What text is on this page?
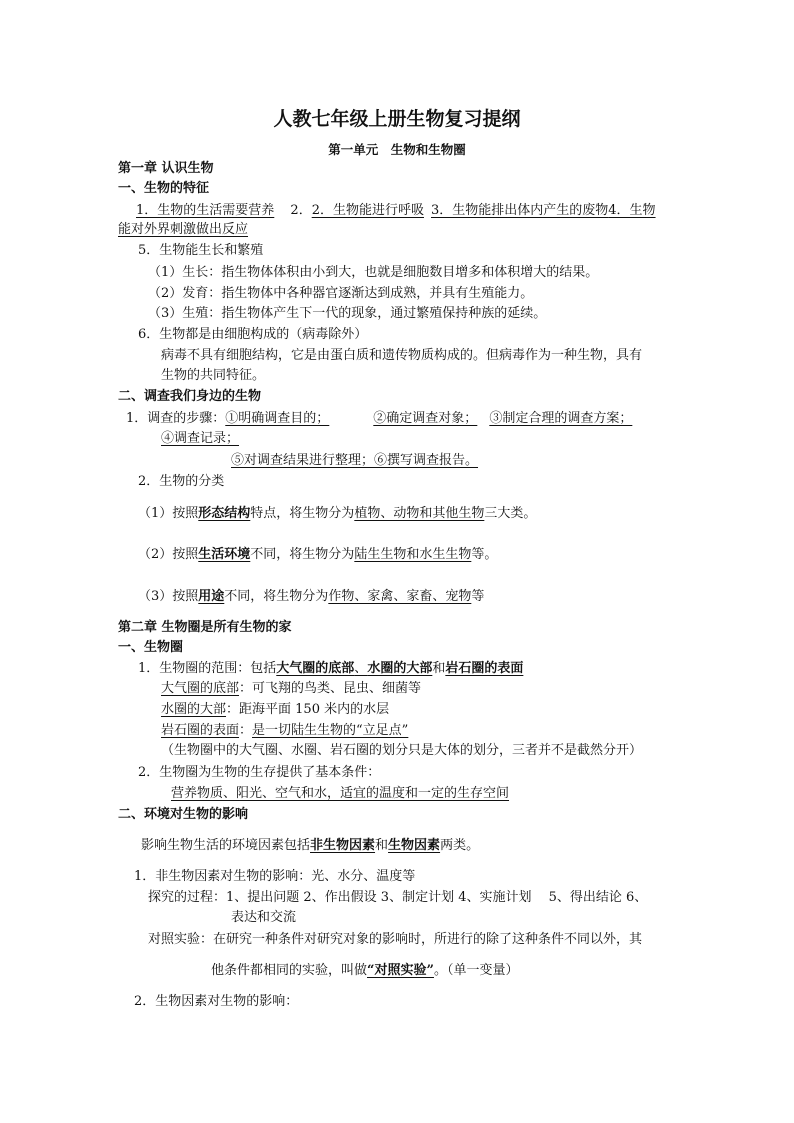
人教七年级上册生物复习提纲
第一单元　生物和生物圈
第一章 认识生物
一、生物的特征
1．生物的生活需要营养 2．2．生物能进行呼吸 3．生物能排出体内产生的废物4．生物
能对外界刺激做出反应
5．生物能生长和繁殖
（1）生长：指生物体体积由小到大，也就是细胞数目增多和体积增大的结果。
（2）发育：指生物体中各种器官逐渐达到成熟，并具有生殖能力。
（3）生殖：指生物体产生下一代的现象，通过繁殖保持种族的延续。
6．生物都是由细胞构成的（病毒除外）
病毒不具有细胞结构，它是由蛋白质和遗传物质构成的。但病毒作为一种生物，具有
生物的共同特征。
二、调查我们身边的生物
1．调查的步骤：①明确调查目的；	②确定调查对象； ③制定合理的调查方案；
④调查记录；
⑤对调查结果进行整理；⑥撰写调查报告。
2．生物的分类
（1）按照形态结构特点，将生物分为植物、动物和其他生物三大类。
（2）按照生活环境不同，将生物分为陆生生物和水生生物等。
（3）按照用途不同，将生物分为作物、家禽、家畜、宠物等
第二章 生物圈是所有生物的家
一、生物圈
1．生物圈的范围：包括大气圈的底部、水圈的大部和岩石圈的表面
大气圈的底部：可飞翔的鸟类、昆虫、细菌等
水圈的大部：距海平面 150 米内的水层
岩石圈的表面：是一切陆生生物的“立足点”
（生物圈中的大气圈、水圈、岩石圈的划分只是大体的划分，三者并不是截然分开）
2．生物圈为生物的生存提供了基本条件：
营养物质、阳光、空气和水，适宜的温度和一定的生存空间
二、环境对生物的影响
影响生物生活的环境因素包括非生物因素和生物因素两类。
1．非生物因素对生物的影响：光、水分、温度等
探究的过程：1、提出问题 2、作出假设 3、制定计划 4、实施计划　 5、得出结论 6、
表达和交流
对照实验：在研究一种条件对研究对象的影响时，所进行的除了这种条件不同以外，其
他条件都相同的实验，叫做“对照实验”。（单一变量）
2．生物因素对生物的影响：
